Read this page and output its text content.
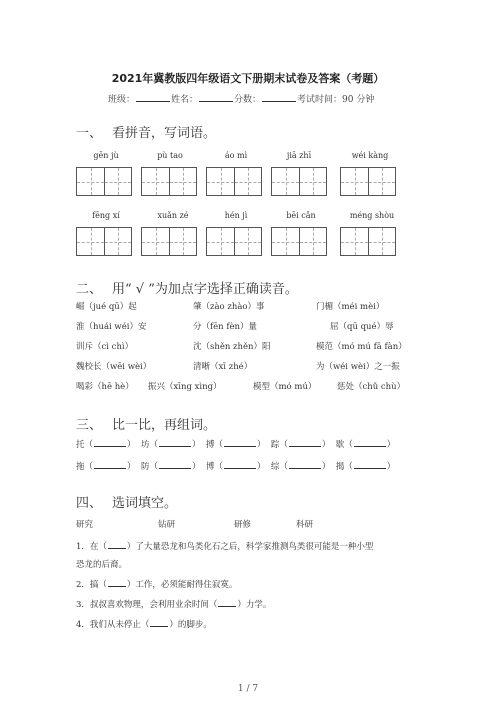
2021年冀教版四年级语文下册期末试卷及答案（考题）
班级：	姓名：	分数：	考试时间：90 分钟
一、 看拼音，写词语。
gēn jù	pù tao	áo mì	jiā zhī	wéi kàng
fēng xí	xuǎn zé	hén jì	bēi cǎn	méng shòu
二、 用“ √ ”为加点字选择正确读音。
崛（jué qū）起	肇（zào zhào）事	门楣（méi mèi）
淮（huái wéi）安	分（fēn fèn）量	屈（qū qué）辱
训斥（cì chì）	沈（shěn zhěn）阳	模范（mó mú fā fàn）
魏校长（wēi wèi）	清晰（xī zhé）	为（wéi wèi）之一振
喝彩（hē hè） 振兴（xīng xìng）	模型（mó mú） 惩处（chǔ chù）
三、 比一比，再组词。
托（	）  坊（	）  搏（	）  踪（	）  歇（	）
拖（	）  防（	）  博（	）  综（	）  揭（	）
四、 选词填空。
研究	钻研	研修	科研
1．在（ ）了大量恐龙和鸟类化石之后，科学家推测鸟类很可能是一种小型
恐龙的后裔。
2．搞（ ）工作，必须能耐得住寂寞。
3．叔叔喜欢物理，会利用业余时间（ ）力学。
4．我们从未停止（ ）的脚步。
1 / 7
